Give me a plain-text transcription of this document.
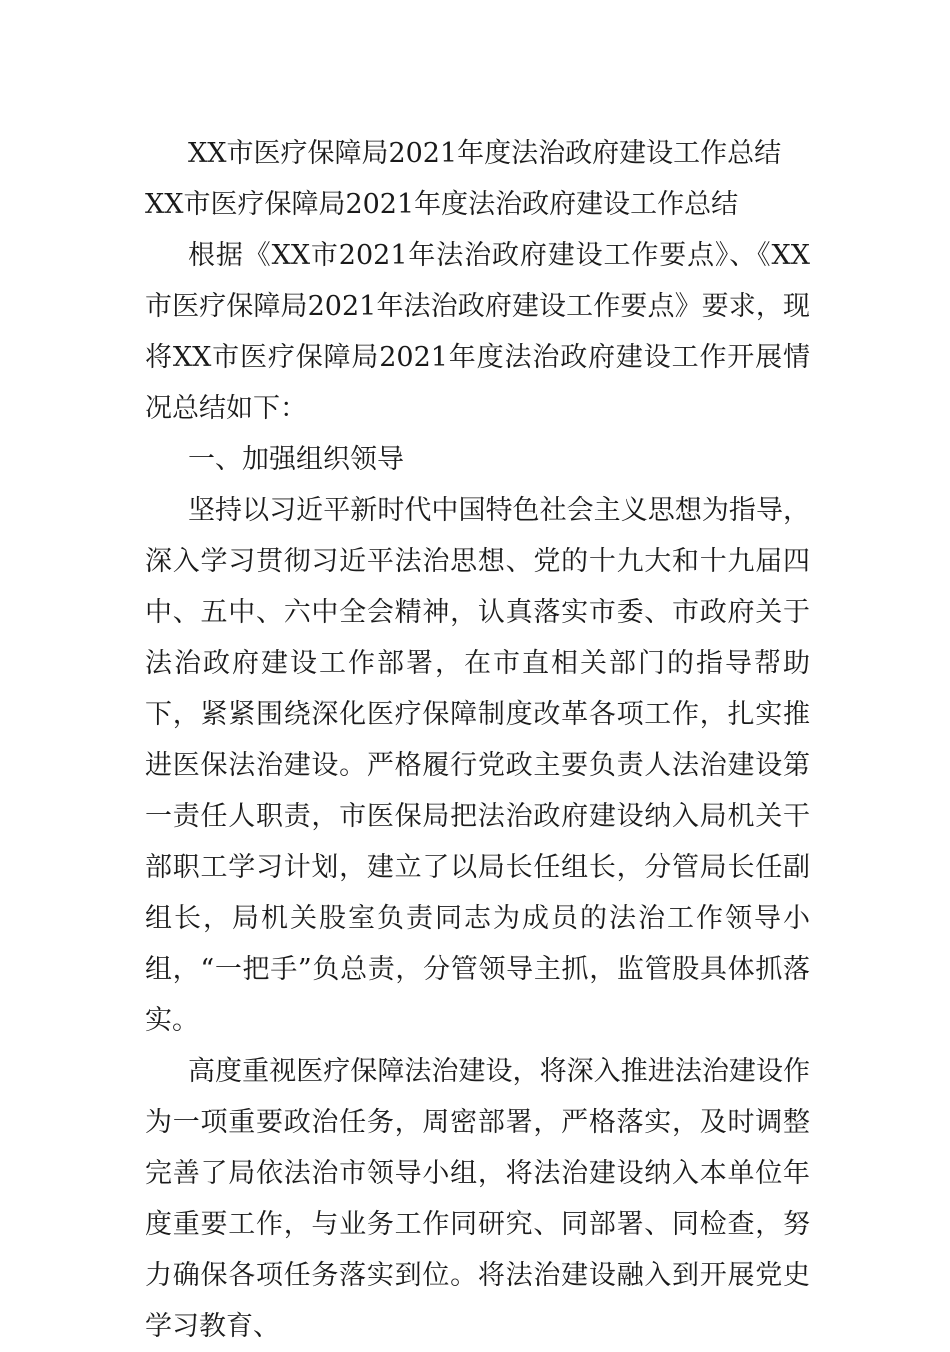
XX市医疗保障局2021年度法治政府建设工作总结

XX市医疗保障局2021年度法治政府建设工作总结

根据《XX市2021年法治政府建设工作要点》、《XX市医疗保障局2021年法治政府建设工作要点》要求，现将XX市医疗保障局2021年度法治政府建设工作开展情况总结如下：

一、加强组织领导

坚持以习近平新时代中国特色社会主义思想为指导，深入学习贯彻习近平法治思想、党的十九大和十九届四中、五中、六中全会精神，认真落实市委、市政府关于法治政府建设工作部署，在市直相关部门的指导帮助下，紧紧围绕深化医疗保障制度改革各项工作，扎实推进医保法治建设。严格履行党政主要负责人法治建设第一责任人职责，市医保局把法治政府建设纳入局机关干部职工学习计划，建立了以局长任组长，分管局长任副组长，局机关股室负责同志为成员的法治工作领导小组，“一把手”负总责，分管领导主抓，监管股具体抓落实。

高度重视医疗保障法治建设，将深入推进法治建设作为一项重要政治任务，周密部署，严格落实，及时调整完善了局依法治市领导小组，将法治建设纳入本单位年度重要工作，与业务工作同研究、同部署、同检查，努力确保各项任务落实到位。将法治建设融入到开展党史学习教育、
